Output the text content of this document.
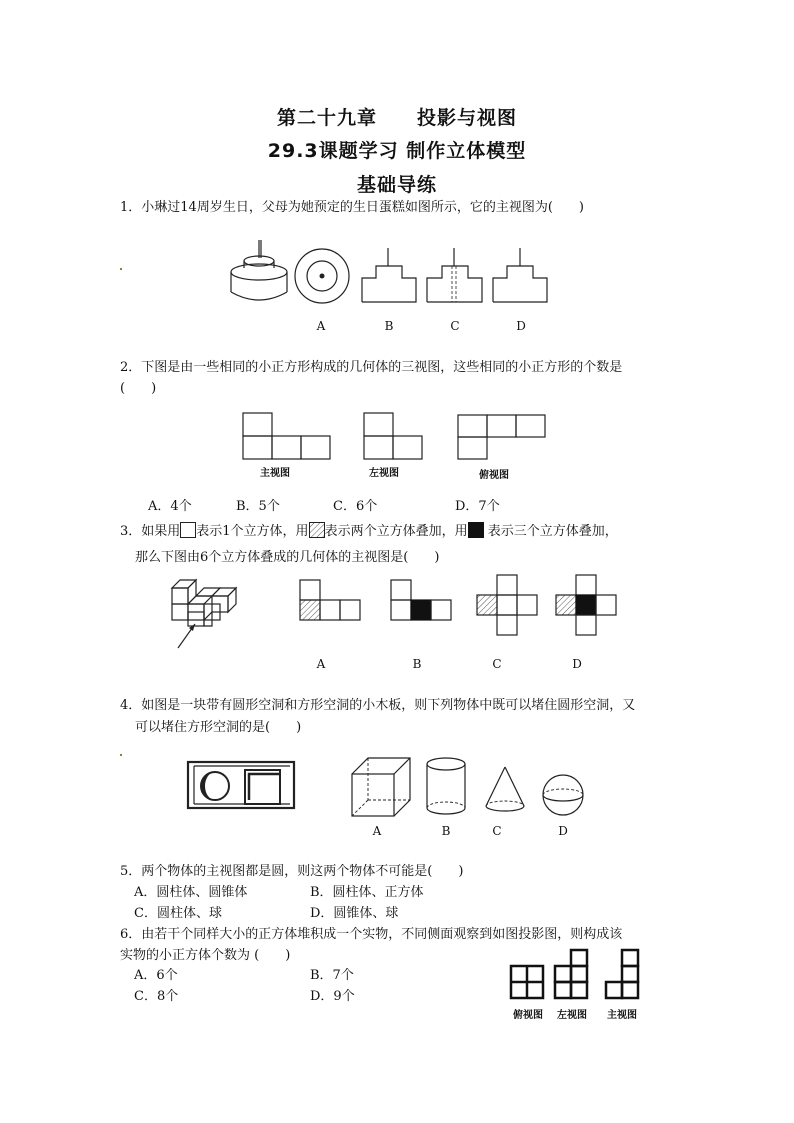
第二十九章　　投影与视图
29.3课题学习 制作立体模型
基础导练
1．小琳过14周岁生日，父母为她预定的生日蛋糕如图所示，它的主视图为(　　)
A	B	C	D
2．下图是由一些相同的小正方形构成的几何体的三视图，这些相同的小正方形的个数是
(　　)
主视图	左视图	俯视图
A．4个	B．5个	C．6个	D．7个
3．如果用 表示1个立方体，用 表示两个立方体叠加，用 表示三个立方体叠加，
那么下图由6个立方体叠成的几何体的主视图是(　　)
A	B	C	D
4．如图是一块带有圆形空洞和方形空洞的小木板，则下列物体中既可以堵住圆形空洞，又
可以堵住方形空洞的是(　　)
A	B	C	D
5．两个物体的主视图都是圆，则这两个物体不可能是(　　)
A．圆柱体、圆锥体	B．圆柱体、正方体
C．圆柱体、球	D．圆锥体、球
6．由若干个同样大小的正方体堆积成一个实物，不同侧面观察到如图投影图，则构成该
实物的小正方体个数为 (　　)
A．6个	B．7个
C．8个	D．9个
俯视图 左视图 主视图
